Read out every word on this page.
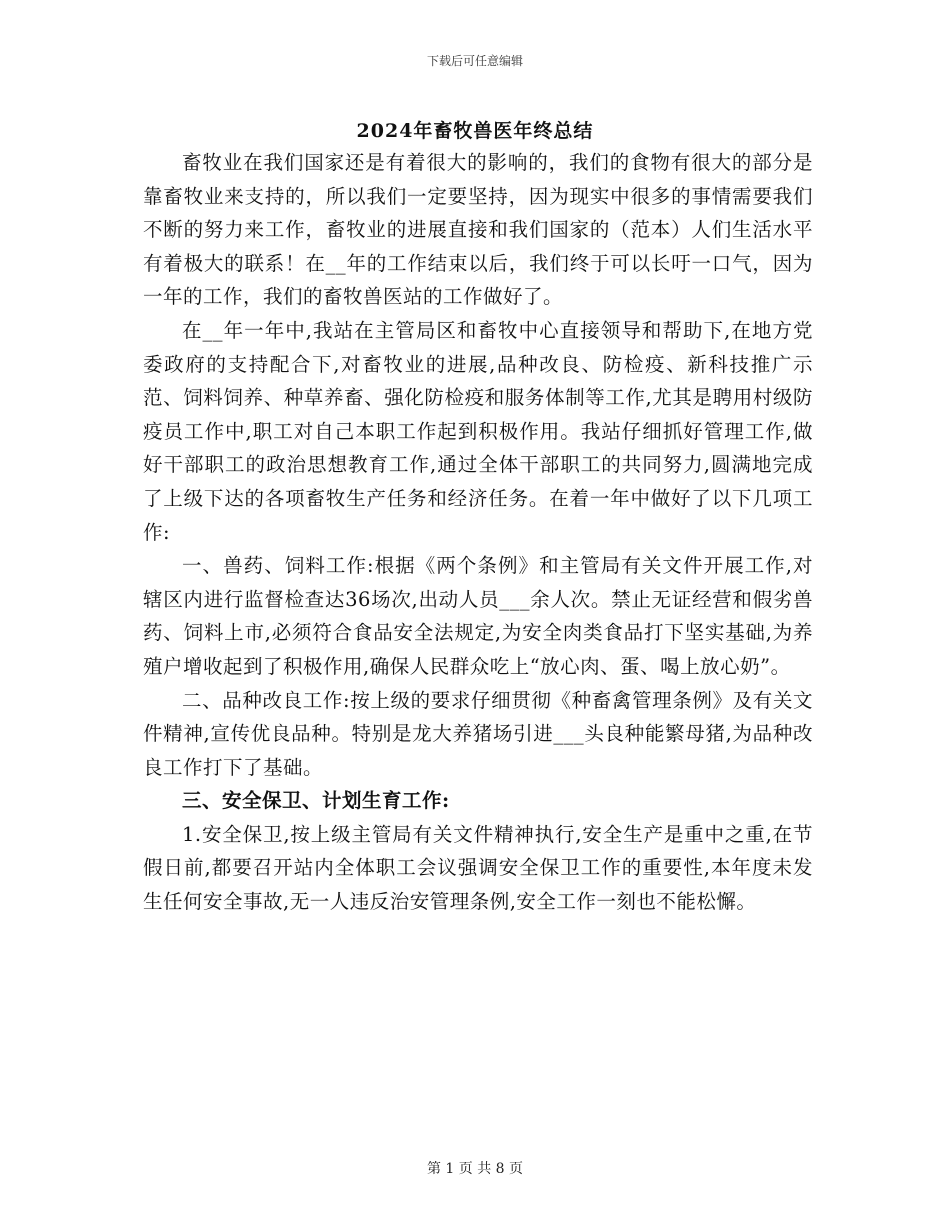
下载后可任意编辑
2024年畜牧兽医年终总结

畜牧业在我们国家还是有着很大的影响的，我们的食物有很大的部分是靠畜牧业来支持的，所以我们一定要坚持，因为现实中很多的事情需要我们不断的努力来工作，畜牧业的进展直接和我们国家的（范本）人们生活水平有着极大的联系！在__年的工作结束以后，我们终于可以长吁一口气，因为一年的工作，我们的畜牧兽医站的工作做好了。

在__年一年中,我站在主管局区和畜牧中心直接领导和帮助下,在地方党委政府的支持配合下,对畜牧业的进展,品种改良、防检疫、新科技推广示范、饲料饲养、种草养畜、强化防检疫和服务体制等工作,尤其是聘用村级防疫员工作中,职工对自己本职工作起到积极作用。我站仔细抓好管理工作,做好干部职工的政治思想教育工作,通过全体干部职工的共同努力,圆满地完成了上级下达的各项畜牧生产任务和经济任务。在着一年中做好了以下几项工作:

一、兽药、饲料工作:根据《两个条例》和主管局有关文件开展工作,对辖区内进行监督检查达36场次,出动人员___余人次。禁止无证经营和假劣兽药、饲料上市,必须符合食品安全法规定,为安全肉类食品打下坚实基础,为养殖户增收起到了积极作用,确保人民群众吃上“放心肉、蛋、喝上放心奶”。

二、品种改良工作:按上级的要求仔细贯彻《种畜禽管理条例》及有关文件精神,宣传优良品种。特别是龙大养猪场引进___头良种能繁母猪,为品种改良工作打下了基础。

三、安全保卫、计划生育工作:

1.安全保卫,按上级主管局有关文件精神执行,安全生产是重中之重,在节假日前,都要召开站内全体职工会议强调安全保卫工作的重要性,本年度未发生任何安全事故,无一人违反治安管理条例,安全工作一刻也不能松懈。

第 1 页 共 8 页
